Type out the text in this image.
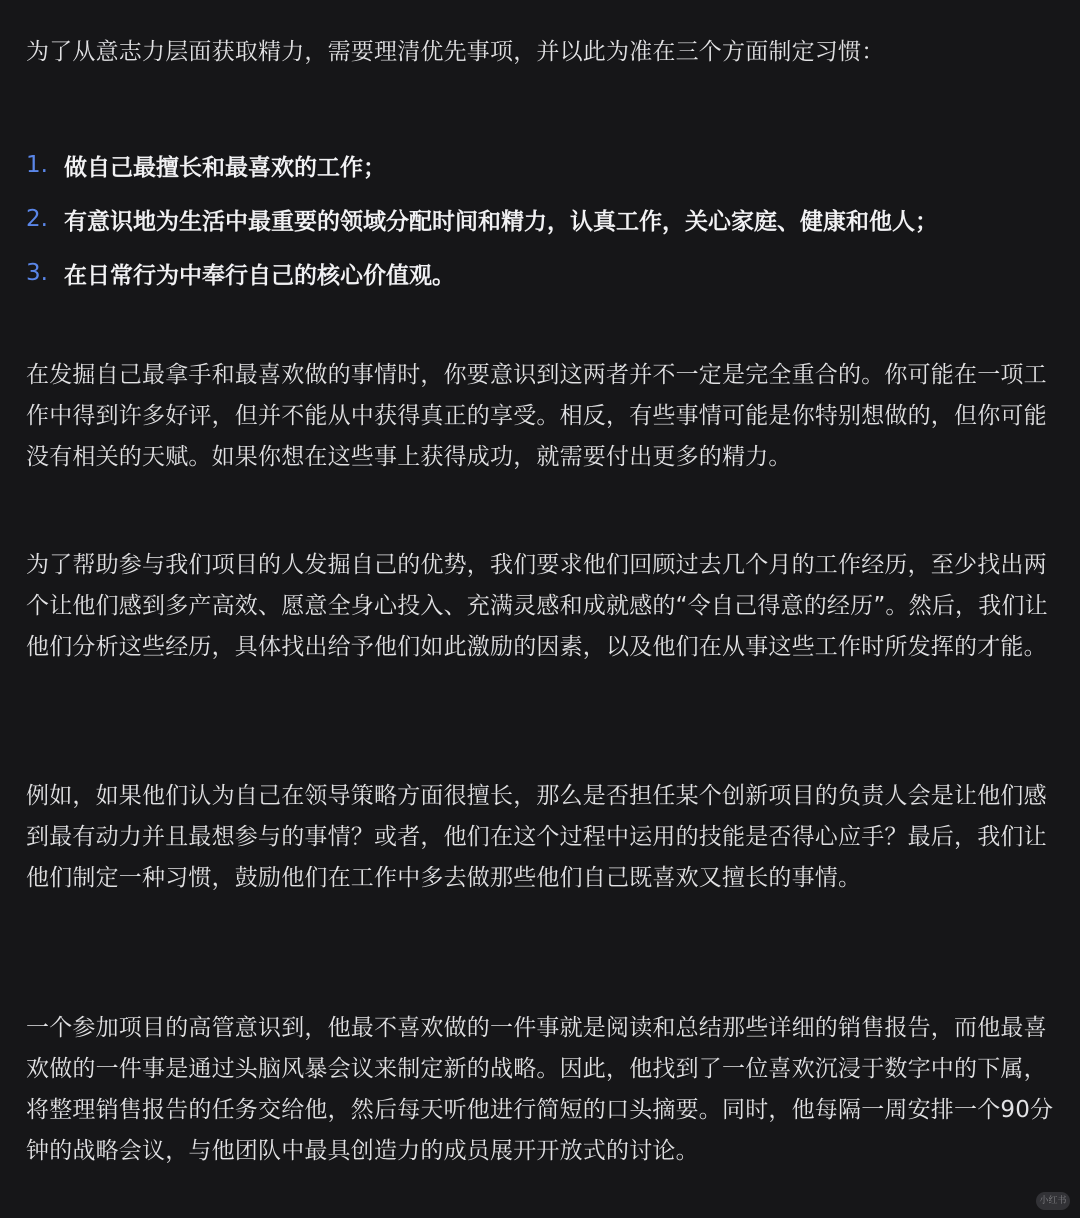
为了从意志力层面获取精力，需要理清优先事项，并以此为准在三个方面制定习惯：

1. 做自己最擅长和最喜欢的工作；
2. 有意识地为生活中最重要的领域分配时间和精力，认真工作，关心家庭、健康和他人；
3. 在日常行为中奉行自己的核心价值观。

在发掘自己最拿手和最喜欢做的事情时，你要意识到这两者并不一定是完全重合的。你可能在一项工作中得到许多好评，但并不能从中获得真正的享受。相反，有些事情可能是你特别想做的，但你可能没有相关的天赋。如果你想在这些事上获得成功，就需要付出更多的精力。

为了帮助参与我们项目的人发掘自己的优势，我们要求他们回顾过去几个月的工作经历，至少找出两个让他们感到多产高效、愿意全身心投入、充满灵感和成就感的“令自己得意的经历”。然后，我们让他们分析这些经历，具体找出给予他们如此激励的因素，以及他们在从事这些工作时所发挥的才能。

例如，如果他们认为自己在领导策略方面很擅长，那么是否担任某个创新项目的负责人会是让他们感到最有动力并且最想参与的事情？或者，他们在这个过程中运用的技能是否得心应手？最后，我们让他们制定一种习惯，鼓励他们在工作中多去做那些他们自己既喜欢又擅长的事情。

一个参加项目的高管意识到，他最不喜欢做的一件事就是阅读和总结那些详细的销售报告，而他最喜欢做的一件事是通过头脑风暴会议来制定新的战略。因此，他找到了一位喜欢沉浸于数字中的下属，将整理销售报告的任务交给他，然后每天听他进行简短的口头摘要。同时，他每隔一周安排一个90分钟的战略会议，与他团队中最具创造力的成员展开开放式的讨论。

小红书
